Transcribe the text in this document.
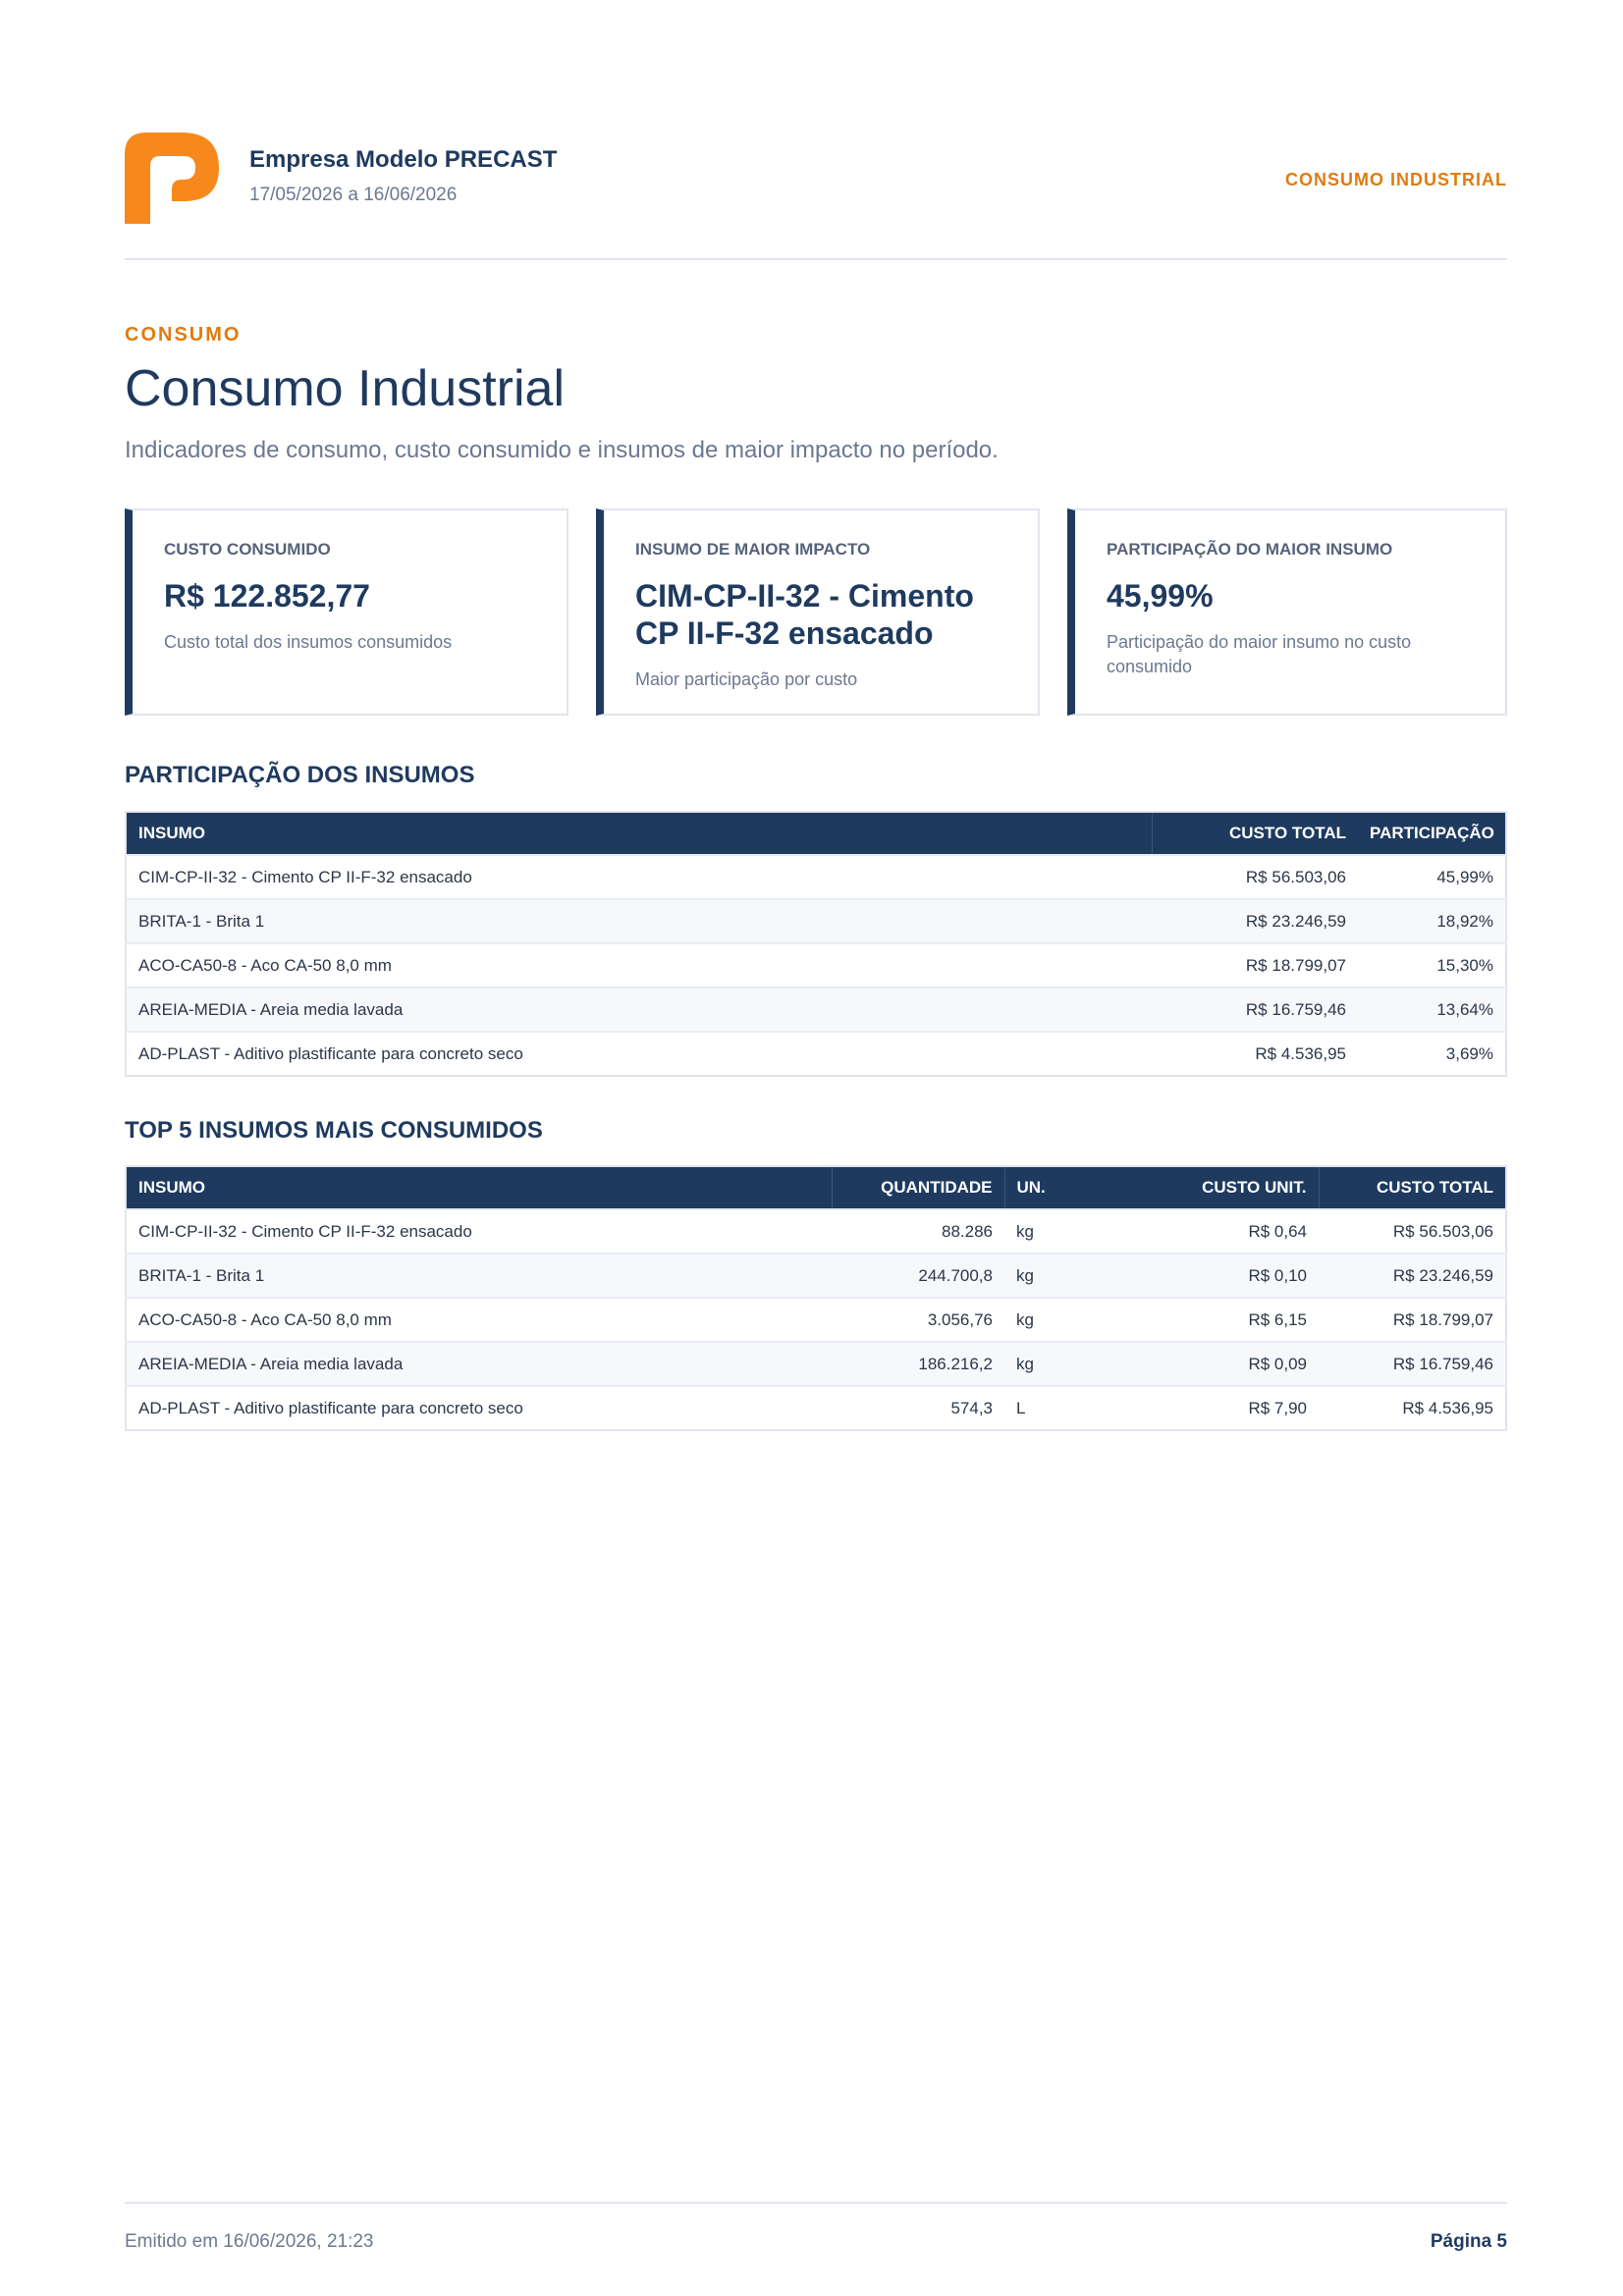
Empresa Modelo PRECAST
17/05/2026 a 16/06/2026
CONSUMO INDUSTRIAL
CONSUMO
Consumo Industrial
Indicadores de consumo, custo consumido e insumos de maior impacto no período.
CUSTO CONSUMIDO
R$ 122.852,77
Custo total dos insumos consumidos
INSUMO DE MAIOR IMPACTO
CIM-CP-II-32 - Cimento CP II-F-32 ensacado
Maior participação por custo
PARTICIPAÇÃO DO MAIOR INSUMO
45,99%
Participação do maior insumo no custo consumido
PARTICIPAÇÃO DOS INSUMOS
INSUMO	CUSTO TOTAL	PARTICIPAÇÃO
CIM-CP-II-32 - Cimento CP II-F-32 ensacado	R$ 56.503,06	45,99%
BRITA-1 - Brita 1	R$ 23.246,59	18,92%
ACO-CA50-8 - Aco CA-50 8,0 mm	R$ 18.799,07	15,30%
AREIA-MEDIA - Areia media lavada	R$ 16.759,46	13,64%
AD-PLAST - Aditivo plastificante para concreto seco	R$ 4.536,95	3,69%
TOP 5 INSUMOS MAIS CONSUMIDOS
INSUMO	QUANTIDADE	UN.	CUSTO UNIT.	CUSTO TOTAL
CIM-CP-II-32 - Cimento CP II-F-32 ensacado	88.286	kg	R$ 0,64	R$ 56.503,06
BRITA-1 - Brita 1	244.700,8	kg	R$ 0,10	R$ 23.246,59
ACO-CA50-8 - Aco CA-50 8,0 mm	3.056,76	kg	R$ 6,15	R$ 18.799,07
AREIA-MEDIA - Areia media lavada	186.216,2	kg	R$ 0,09	R$ 16.759,46
AD-PLAST - Aditivo plastificante para concreto seco	574,3	L	R$ 7,90	R$ 4.536,95
Emitido em 16/06/2026, 21:23	Página 5
